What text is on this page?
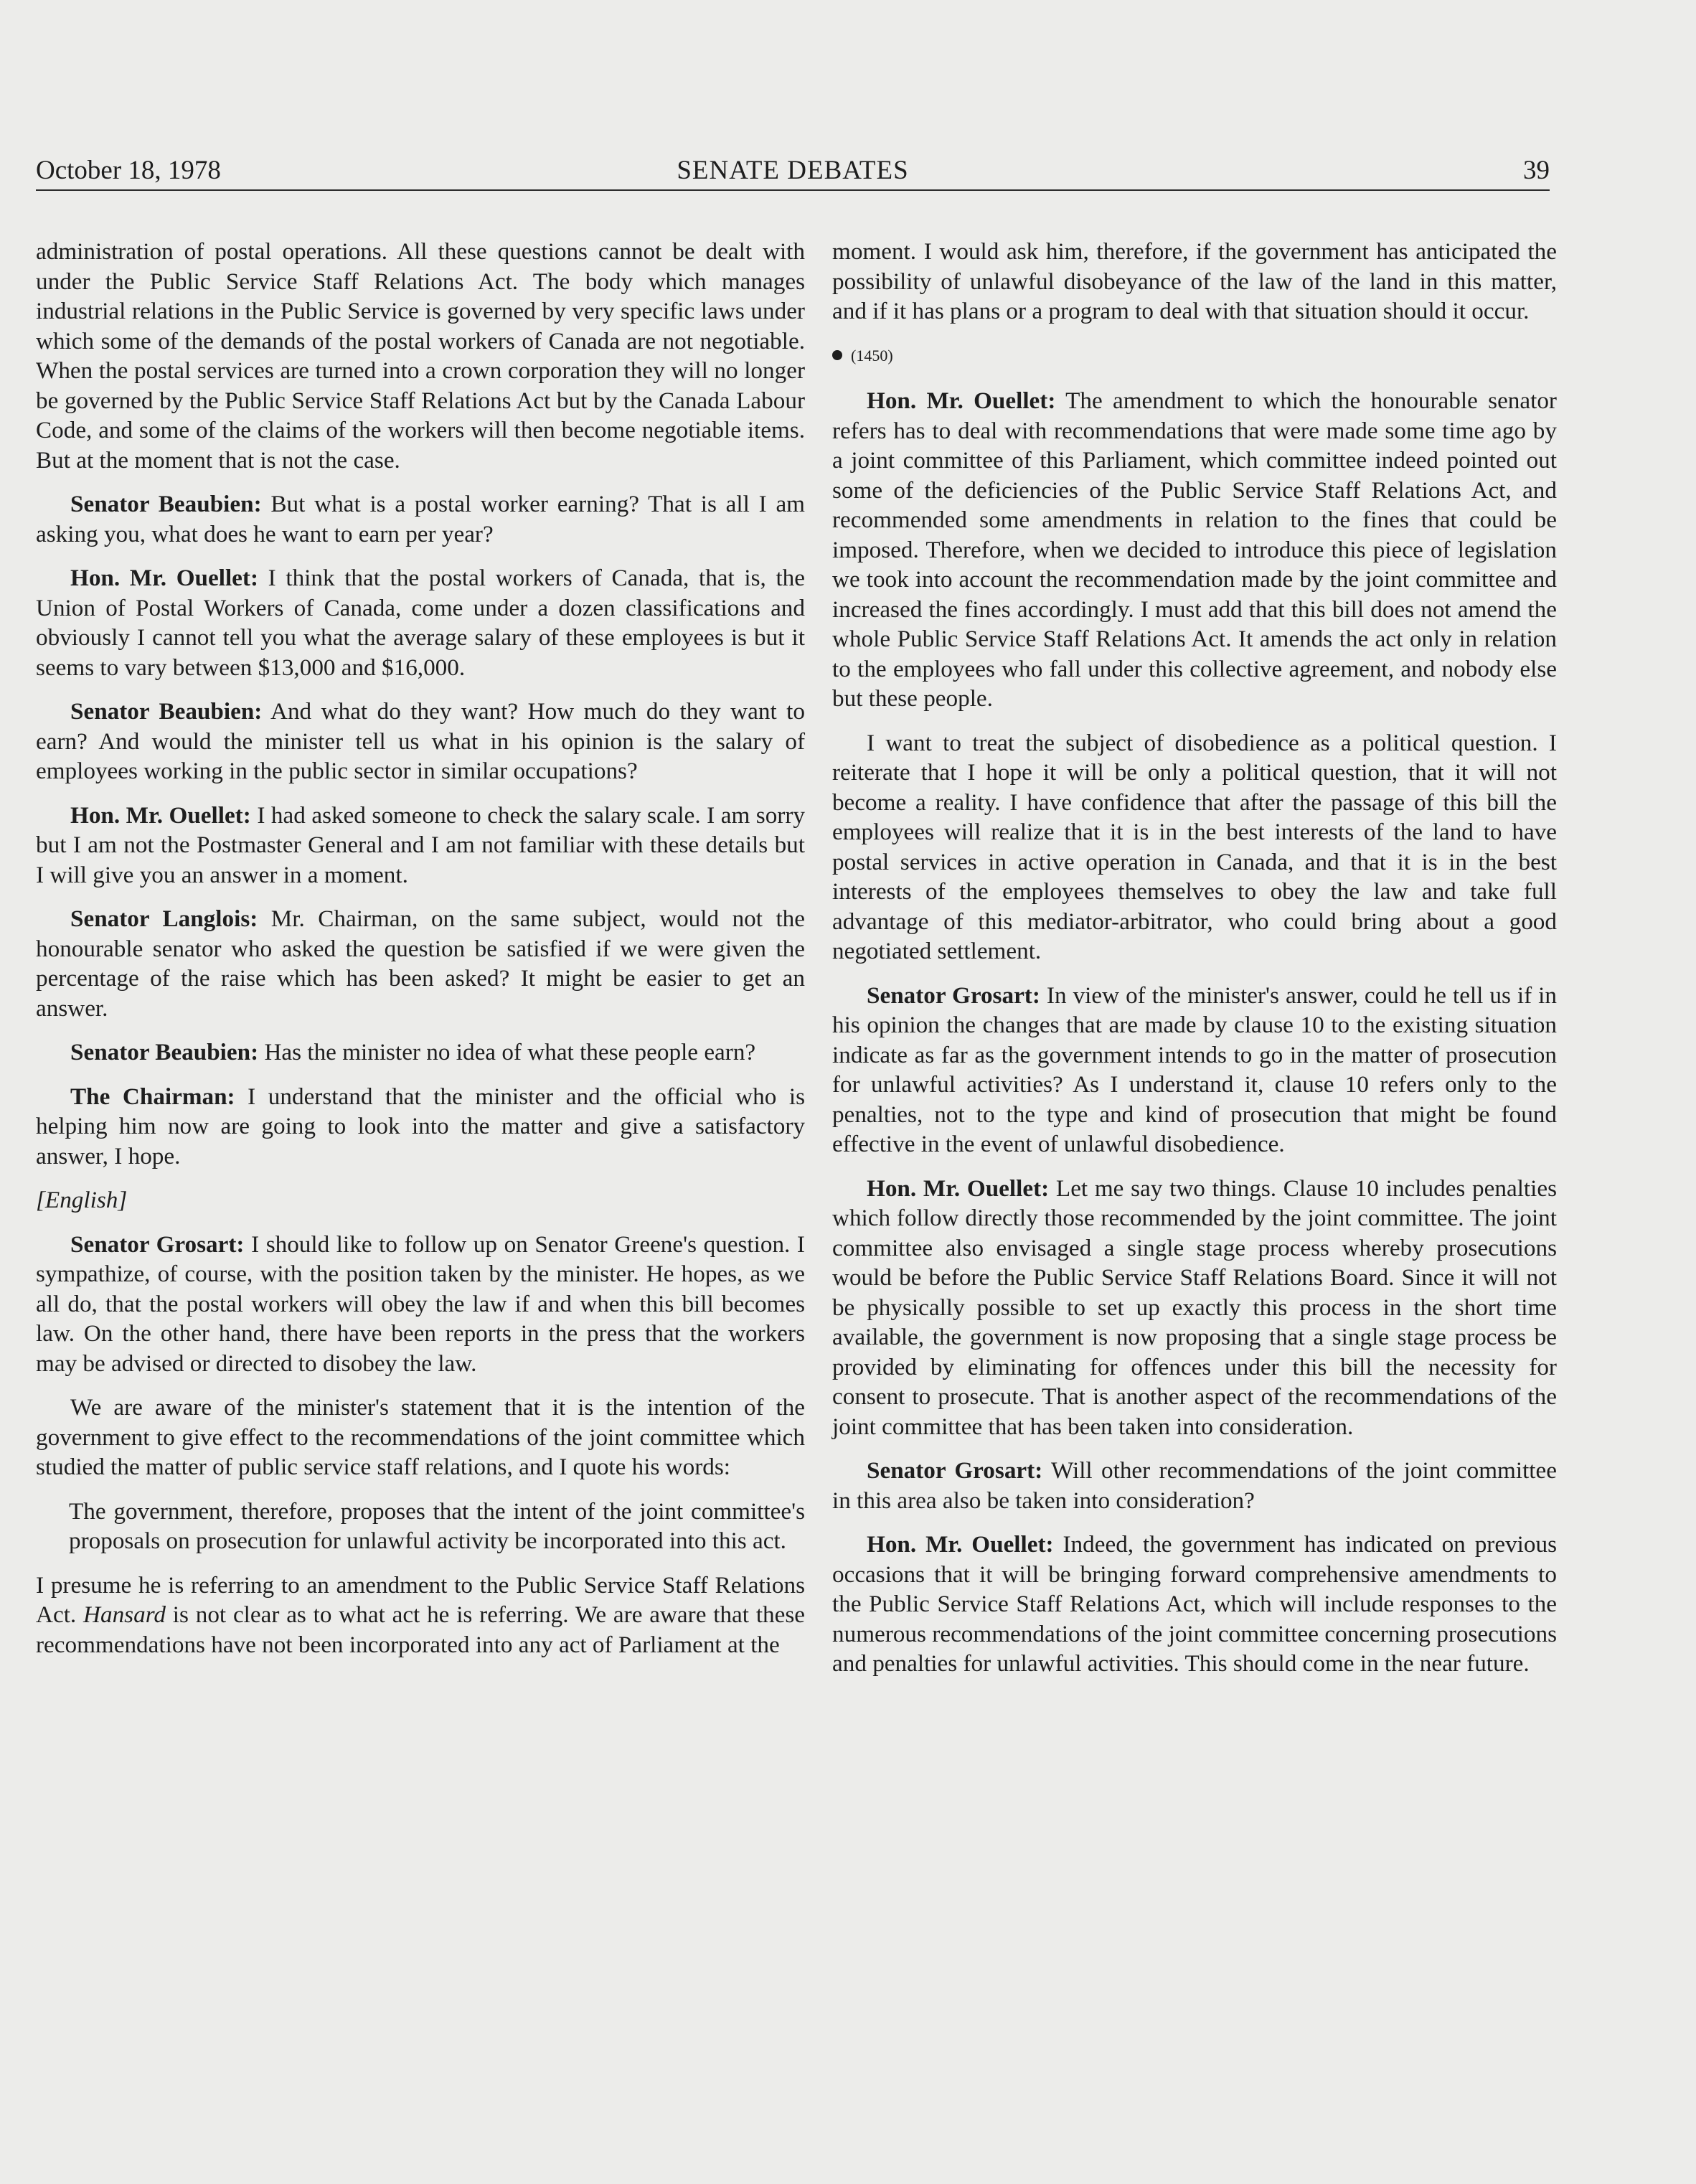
October 18, 1978	SENATE DEBATES	39

administration of postal operations. All these questions cannot be dealt with under the Public Service Staff Relations Act. The body which manages industrial relations in the Public Service is governed by very specific laws under which some of the demands of the postal workers of Canada are not negotiable. When the postal services are turned into a crown corporation they will no longer be governed by the Public Service Staff Relations Act but by the Canada Labour Code, and some of the claims of the workers will then become negotiable items. But at the moment that is not the case.

Senator Beaubien: But what is a postal worker earning? That is all I am asking you, what does he want to earn per year?

Hon. Mr. Ouellet: I think that the postal workers of Canada, that is, the Union of Postal Workers of Canada, come under a dozen classifications and obviously I cannot tell you what the average salary of these employees is but it seems to vary between $13,000 and $16,000.

Senator Beaubien: And what do they want? How much do they want to earn? And would the minister tell us what in his opinion is the salary of employees working in the public sector in similar occupations?

Hon. Mr. Ouellet: I had asked someone to check the salary scale. I am sorry but I am not the Postmaster General and I am not familiar with these details but I will give you an answer in a moment.

Senator Langlois: Mr. Chairman, on the same subject, would not the honourable senator who asked the question be satisfied if we were given the percentage of the raise which has been asked? It might be easier to get an answer.

Senator Beaubien: Has the minister no idea of what these people earn?

The Chairman: I understand that the minister and the official who is helping him now are going to look into the matter and give a satisfactory answer, I hope.

[English]

Senator Grosart: I should like to follow up on Senator Greene's question. I sympathize, of course, with the position taken by the minister. He hopes, as we all do, that the postal workers will obey the law if and when this bill becomes law. On the other hand, there have been reports in the press that the workers may be advised or directed to disobey the law.

We are aware of the minister's statement that it is the intention of the government to give effect to the recommendations of the joint committee which studied the matter of public service staff relations, and I quote his words:

The government, therefore, proposes that the intent of the joint committee's proposals on prosecution for unlawful activity be incorporated into this act.

I presume he is referring to an amendment to the Public Service Staff Relations Act. Hansard is not clear as to what act he is referring. We are aware that these recommendations have not been incorporated into any act of Parliament at the

moment. I would ask him, therefore, if the government has anticipated the possibility of unlawful disobeyance of the law of the land in this matter, and if it has plans or a program to deal with that situation should it occur.

(1450)

Hon. Mr. Ouellet: The amendment to which the honourable senator refers has to deal with recommendations that were made some time ago by a joint committee of this Parliament, which committee indeed pointed out some of the deficiencies of the Public Service Staff Relations Act, and recommended some amendments in relation to the fines that could be imposed. Therefore, when we decided to introduce this piece of legislation we took into account the recommendation made by the joint committee and increased the fines accordingly. I must add that this bill does not amend the whole Public Service Staff Relations Act. It amends the act only in relation to the employees who fall under this collective agreement, and nobody else but these people.

I want to treat the subject of disobedience as a political question. I reiterate that I hope it will be only a political question, that it will not become a reality. I have confidence that after the passage of this bill the employees will realize that it is in the best interests of the land to have postal services in active operation in Canada, and that it is in the best interests of the employees themselves to obey the law and take full advantage of this mediator-arbitrator, who could bring about a good negotiated settlement.

Senator Grosart: In view of the minister's answer, could he tell us if in his opinion the changes that are made by clause 10 to the existing situation indicate as far as the government intends to go in the matter of prosecution for unlawful activities? As I understand it, clause 10 refers only to the penalties, not to the type and kind of prosecution that might be found effective in the event of unlawful disobedience.

Hon. Mr. Ouellet: Let me say two things. Clause 10 includes penalties which follow directly those recommended by the joint committee. The joint committee also envisaged a single stage process whereby prosecutions would be before the Public Service Staff Relations Board. Since it will not be physically possible to set up exactly this process in the short time available, the government is now proposing that a single stage process be provided by eliminating for offences under this bill the necessity for consent to prosecute. That is another aspect of the recommendations of the joint committee that has been taken into consideration.

Senator Grosart: Will other recommendations of the joint committee in this area also be taken into consideration?

Hon. Mr. Ouellet: Indeed, the government has indicated on previous occasions that it will be bringing forward comprehensive amendments to the Public Service Staff Relations Act, which will include responses to the numerous recommendations of the joint committee concerning prosecutions and penalties for unlawful activities. This should come in the near future.
